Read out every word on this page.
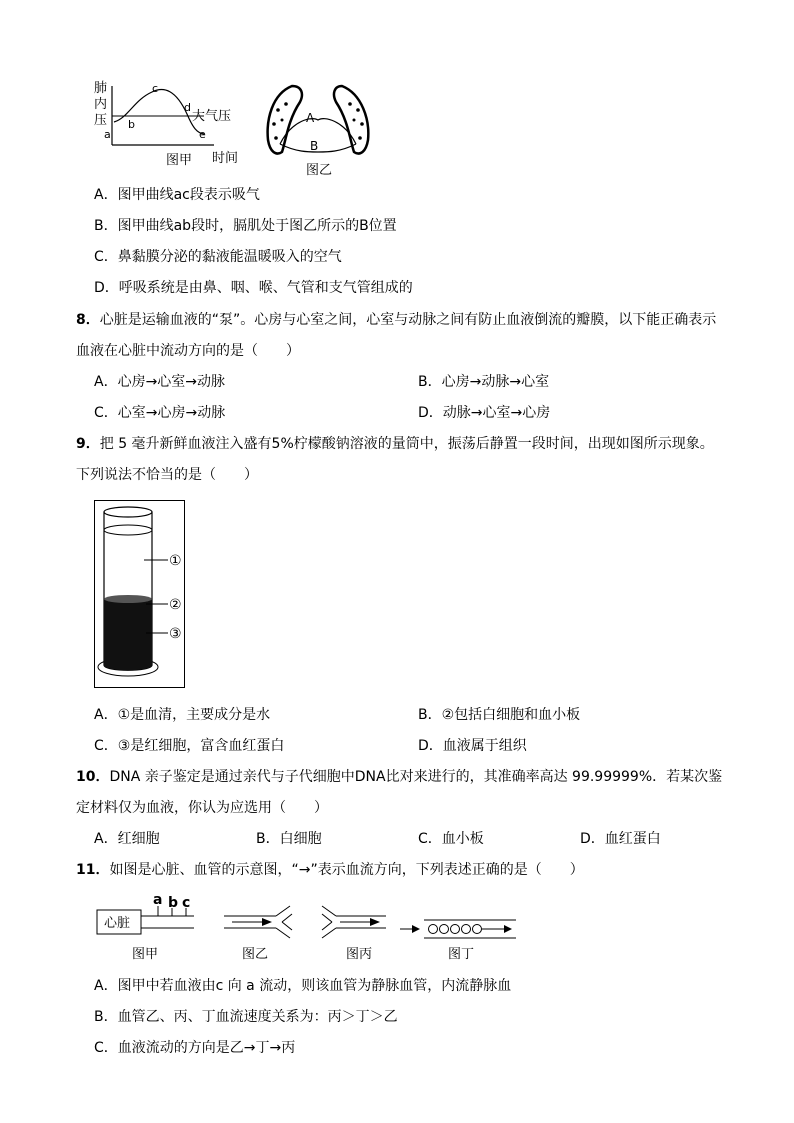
肺
内
压
a
b
c
d
e
大气压
图甲 时间
A
B
图乙
A．图甲曲线ac段表示吸气
B．图甲曲线ab段时，膈肌处于图乙所示的B位置
C．鼻黏膜分泌的黏液能温暖吸入的空气
D．呼吸系统是由鼻、咽、喉、气管和支气管组成的
8．心脏是运输血液的“泵”。心房与心室之间，心室与动脉之间有防止血液倒流的瓣膜，以下能正确表示
血液在心脏中流动方向的是（　　）
A．心房→心室→动脉	B．心房→动脉→心室
C．心室→心房→动脉	D．动脉→心室→心房
9．把 5 毫升新鲜血液注入盛有5%柠檬酸钠溶液的量筒中，振荡后静置一段时间，出现如图所示现象。
下列说法不恰当的是（　　）
①
②
③
A．①是血清，主要成分是水	B．②包括白细胞和血小板
C．③是红细胞，富含血红蛋白	D．血液属于组织
10．DNA 亲子鉴定是通过亲代与子代细胞中DNA比对来进行的，其准确率高达 99.99999%．若某次鉴
定材料仅为血液，你认为应选用（　　）
A．红细胞	B．白细胞	C．血小板	D．血红蛋白
11．如图是心脏、血管的示意图，“→”表示血流方向，下列表述正确的是（　　）
心脏
a b c
图甲	图乙	图丙	图丁
A．图甲中若血液由c 向 a 流动，则该血管为静脉血管，内流静脉血
B．血管乙、丙、丁血流速度关系为：丙＞丁＞乙
C．血液流动的方向是乙→丁→丙
